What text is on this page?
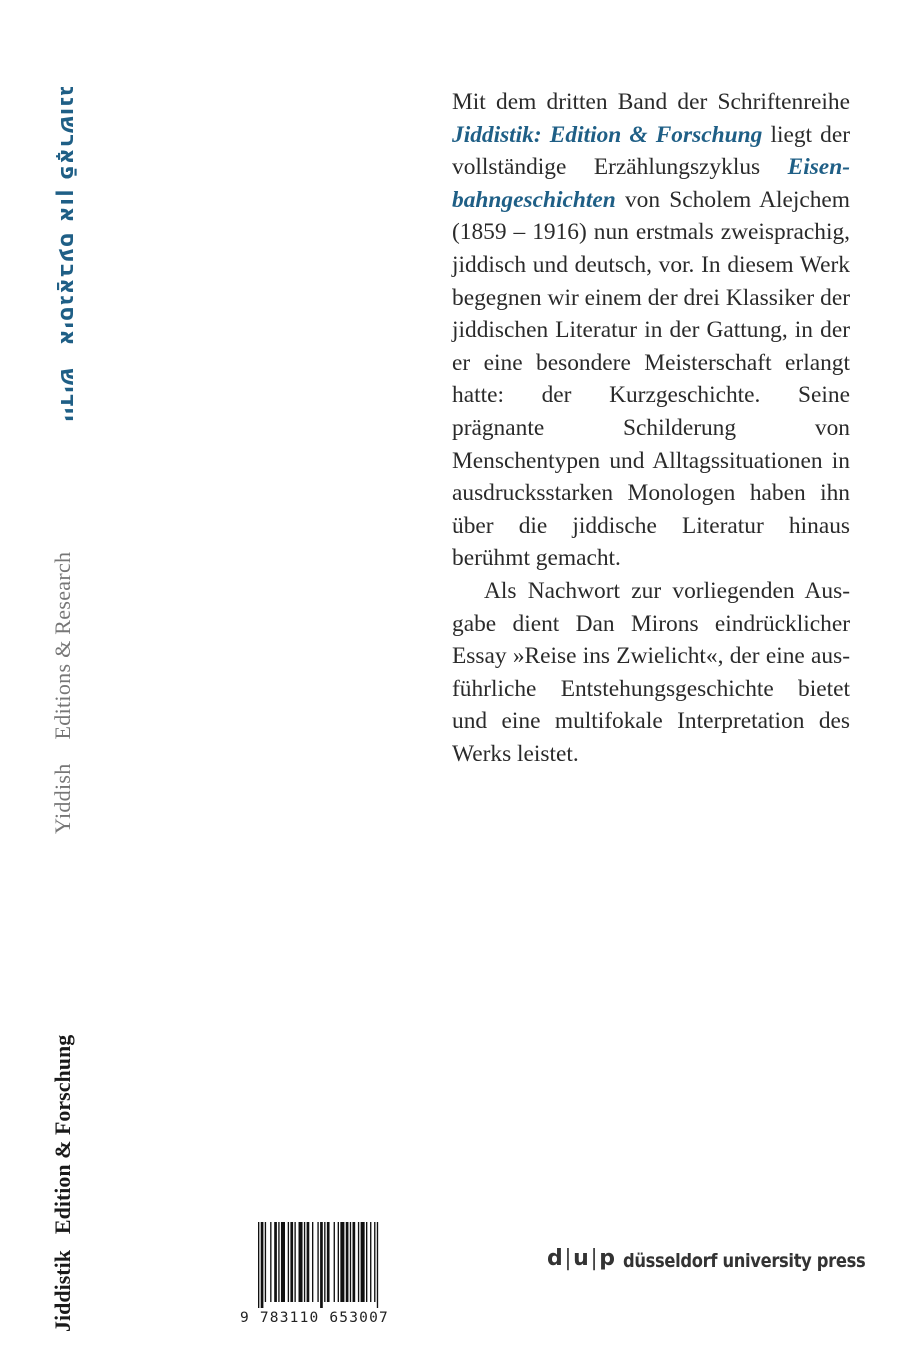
יידישאיסגאַבעס און פֿאָרשונג
YiddishEditions & Research
JiddistikEdition & Forschung

Mit dem dritten Band der Schriftenreihe Jiddistik: Edition & Forschung liegt der vollständige Erzählungszyklus Eisenbahngeschichten von Scholem Alejchem (1859 – 1916) nun erstmals zweisprachig, jiddisch und deutsch, vor. In diesem Werk begegnen wir einem der drei Klassiker der jiddischen Literatur in der Gattung, in der er eine besondere Meisterschaft erlangt hatte: der Kurzgeschichte. Seine prägnante Schilderung von Menschentypen und Alltagssituationen in ausdrucksstarken Monologen haben ihn über die jiddische Literatur hinaus berühmt gemacht.

Als Nachwort zur vorliegenden Ausgabe dient Dan Mirons eindrücklicher Essay »Reise ins Zwielicht«, der eine ausführliche Entstehungsgeschichte bietet und eine multifokale Interpretation des Werks leistet.

9 783110 653007
d|u|p düsseldorf university press
